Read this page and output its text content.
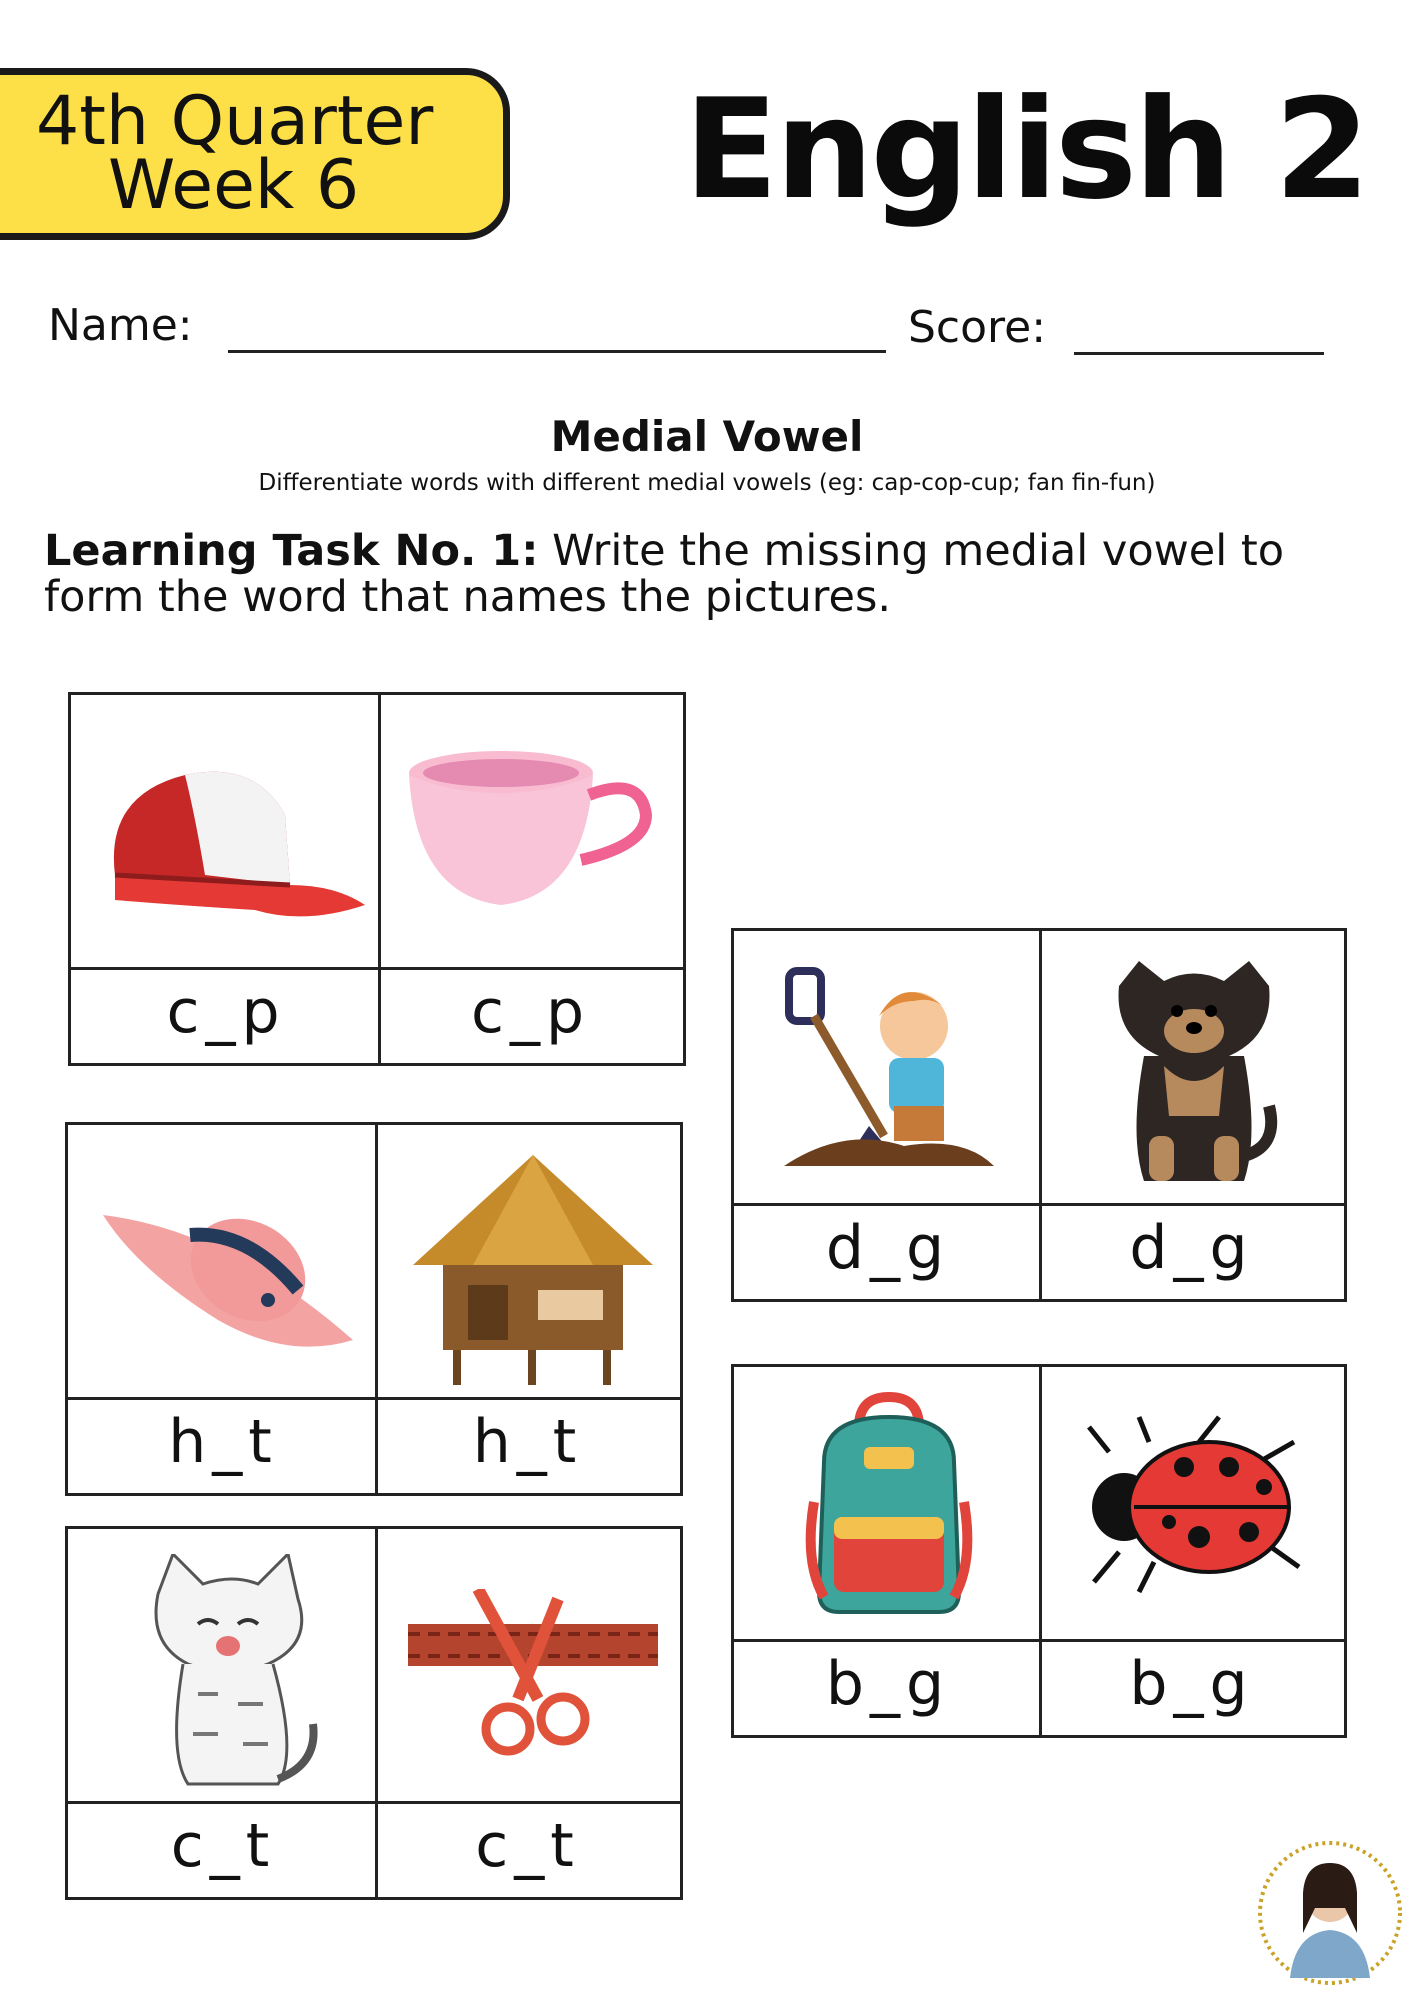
4th Quarter
Week 6 English 2
Name:	Score:
Medial Vowel
Differentiate words with different medial vowels (eg: cap-cop-cup; fan fin-fun)
Learning Task No. 1: Write the missing medial vowel to form the word that names the pictures.
c_p	c_p
h_t	h_t
c_t	c_t
d_g	d_g
b_g	b_g
